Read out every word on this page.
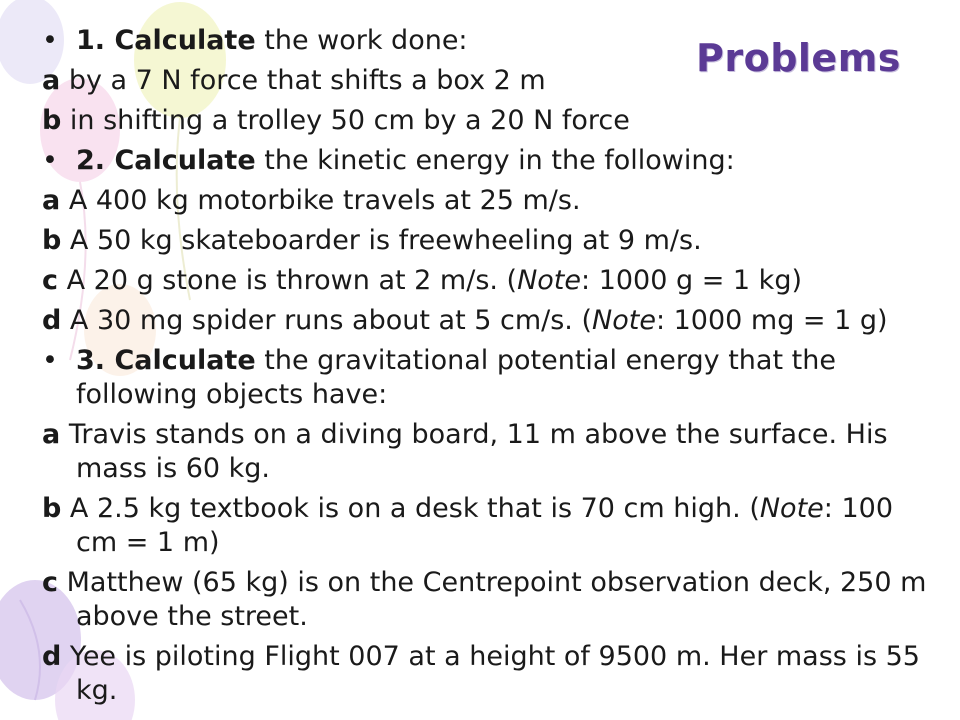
Problems
• 1. Calculate the work done:
a by a 7 N force that shifts a box 2 m
b in shifting a trolley 50 cm by a 20 N force
• 2. Calculate the kinetic energy in the following:
a A 400 kg motorbike travels at 25 m/s.
b A 50 kg skateboarder is freewheeling at 9 m/s.
c A 20 g stone is thrown at 2 m/s. (Note: 1000 g = 1 kg)
d A 30 mg spider runs about at 5 cm/s. (Note: 1000 mg = 1 g)
• 3. Calculate the gravitational potential energy that the following objects have:
a Travis stands on a diving board, 11 m above the surface. His mass is 60 kg.
b A 2.5 kg textbook is on a desk that is 70 cm high. (Note: 100 cm = 1 m)
c Matthew (65 kg) is on the Centrepoint observation deck, 250 m above the street.
d Yee is piloting Flight 007 at a height of 9500 m. Her mass is 55 kg.
